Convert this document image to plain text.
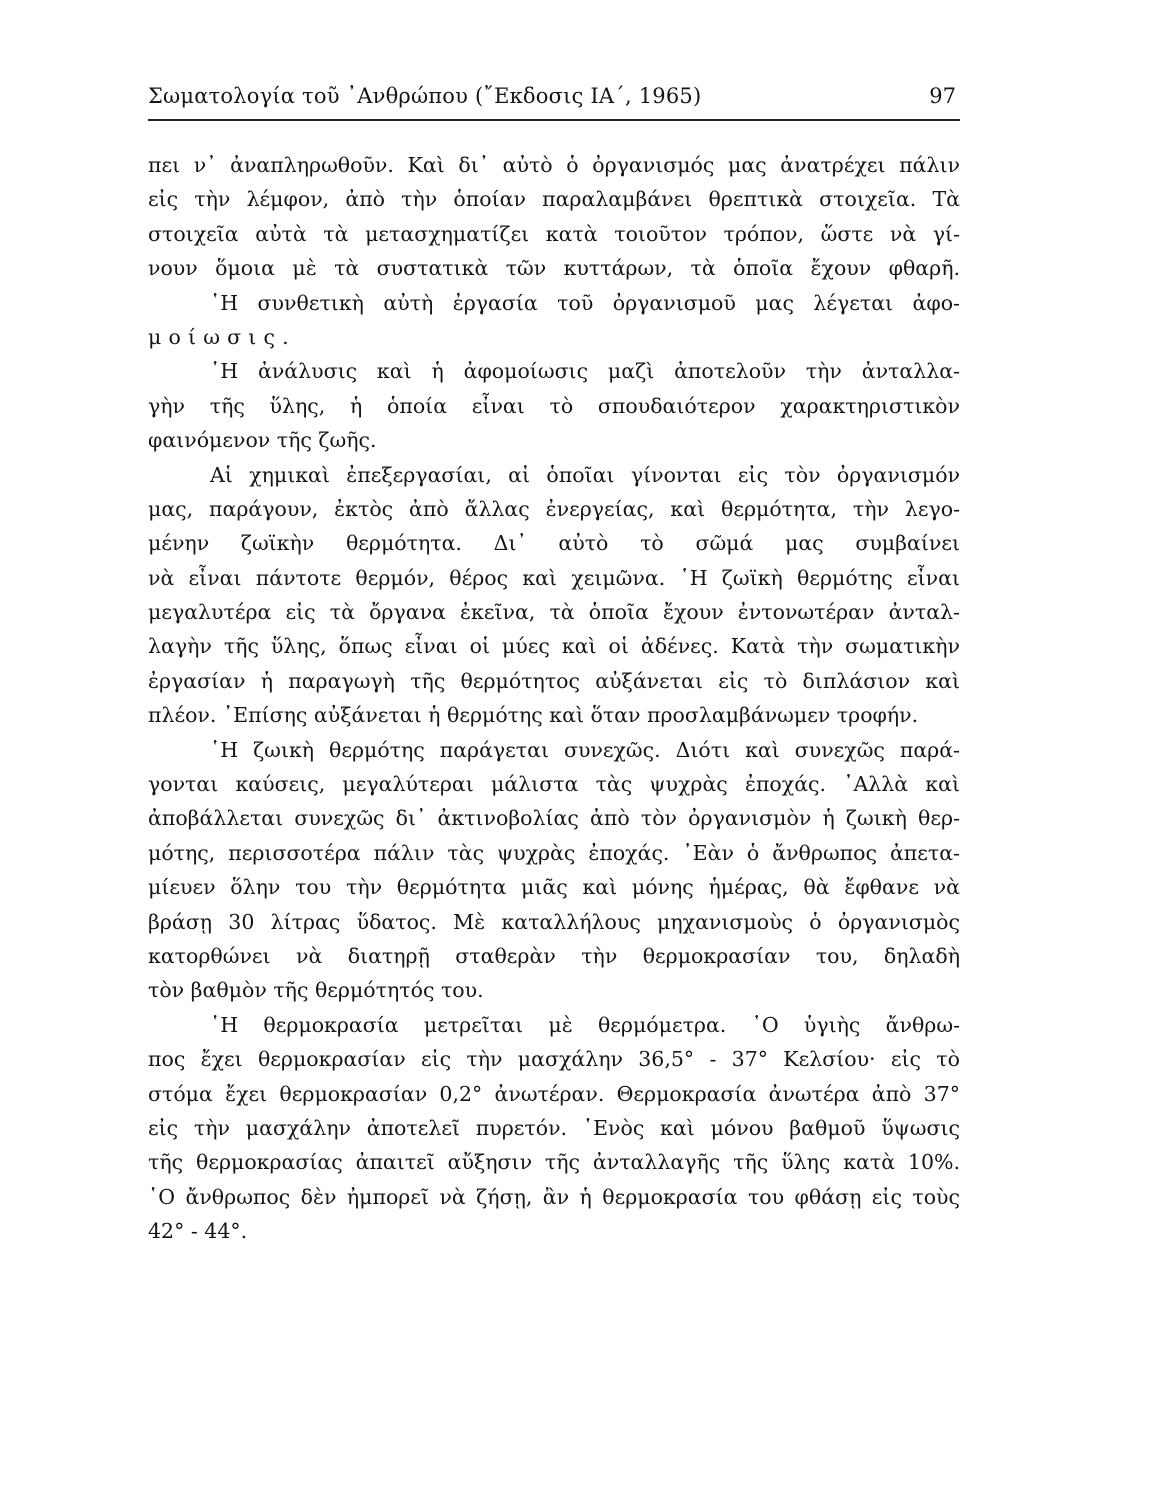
Σωματολογία τοῦ ᾿Ανθρώπου (῎Εκδοσις ΙΑ΄, 1965)	97
πει ν᾿ ἀναπληρωθοῦν. Καὶ δι᾿ αὐτὸ ὁ ὀργανισμός μας ἀνατρέχει πάλιν
εἰς τὴν λέμφον, ἀπὸ τὴν ὁποίαν παραλαμβάνει θρεπτικὰ στοιχεῖα. Τὰ
στοιχεῖα αὐτὰ τὰ μετασχηματίζει κατὰ τοιοῦτον τρόπον, ὥστε νὰ γί-
νουν ὅμοια μὲ τὰ συστατικὰ τῶν κυττάρων, τὰ ὁποῖα ἔχουν φθαρῆ.
῾Η συνθετικὴ αὐτὴ ἐργασία τοῦ ὀργανισμοῦ μας λέγεται ἀφο-
μοίωσις.
῾Η ἀνάλυσις καὶ ἡ ἀφομοίωσις μαζὶ ἀποτελοῦν τὴν ἀνταλλα-
γὴν τῆς ὕλης, ἡ ὁποία εἶναι τὸ σπουδαιότερον χαρακτηριστικὸν
φαινόμενον τῆς ζωῆς.
Αἱ χημικαὶ ἐπεξεργασίαι, αἱ ὁποῖαι γίνονται εἰς τὸν ὀργανισμόν
μας, παράγουν, ἐκτὸς ἀπὸ ἄλλας ἐνεργείας, καὶ θερμότητα, τὴν λεγο-
μένην ζωϊκὴν θερμότητα. Δι᾿ αὐτὸ τὸ σῶμά μας συμβαίνει
νὰ εἶναι πάντοτε θερμόν, θέρος καὶ χειμῶνα. ῾Η ζωϊκὴ θερμότης εἶναι
μεγαλυτέρα εἰς τὰ ὄργανα ἐκεῖνα, τὰ ὁποῖα ἔχουν ἐντονωτέραν ἀνταλ-
λαγὴν τῆς ὕλης, ὅπως εἶναι οἱ μύες καὶ οἱ ἀδένες. Κατὰ τὴν σωματικὴν
ἐργασίαν ἡ παραγωγὴ τῆς θερμότητος αὐξάνεται εἰς τὸ διπλάσιον καὶ
πλέον. ᾿Επίσης αὐξάνεται ἡ θερμότης καὶ ὅταν προσλαμβάνωμεν τροφήν.
῾Η ζωικὴ θερμότης παράγεται συνεχῶς. Διότι καὶ συνεχῶς παρά-
γονται καύσεις, μεγαλύτεραι μάλιστα τὰς ψυχρὰς ἐποχάς. ᾿Αλλὰ καὶ
ἀποβάλλεται συνεχῶς δι᾿ ἀκτινοβολίας ἀπὸ τὸν ὀργανισμὸν ἡ ζωικὴ θερ-
μότης, περισσοτέρα πάλιν τὰς ψυχρὰς ἐποχάς. ᾿Εὰν ὁ ἄνθρωπος ἀπετα-
μίευεν ὅλην του τὴν θερμότητα μιᾶς καὶ μόνης ἡμέρας, θὰ ἔφθανε νὰ
βράσῃ 30 λίτρας ὕδατος. Μὲ καταλλήλους μηχανισμοὺς ὁ ὀργανισμὸς
κατορθώνει νὰ διατηρῇ σταθερὰν τὴν θερμοκρασίαν του, δηλαδὴ
τὸν βαθμὸν τῆς θερμότητός του.
῾Η θερμοκρασία μετρεῖται μὲ θερμόμετρα. ῾Ο ὑγιὴς ἄνθρω-
πος ἔχει θερμοκρασίαν εἰς τὴν μασχάλην 36,5° - 37° Κελσίου· εἰς τὸ
στόμα ἔχει θερμοκρασίαν 0,2° ἀνωτέραν. Θερμοκρασία ἀνωτέρα ἀπὸ 37°
εἰς τὴν μασχάλην ἀποτελεῖ πυρετόν. ῾Ενὸς καὶ μόνου βαθμοῦ ὕψωσις
τῆς θερμοκρασίας ἀπαιτεῖ αὔξησιν τῆς ἀνταλλαγῆς τῆς ὕλης κατὰ 10%.
῾Ο ἄνθρωπος δὲν ἠμπορεῖ νὰ ζήσῃ, ἂν ἡ θερμοκρασία του φθάσῃ εἰς τοὺς
42° - 44°.
